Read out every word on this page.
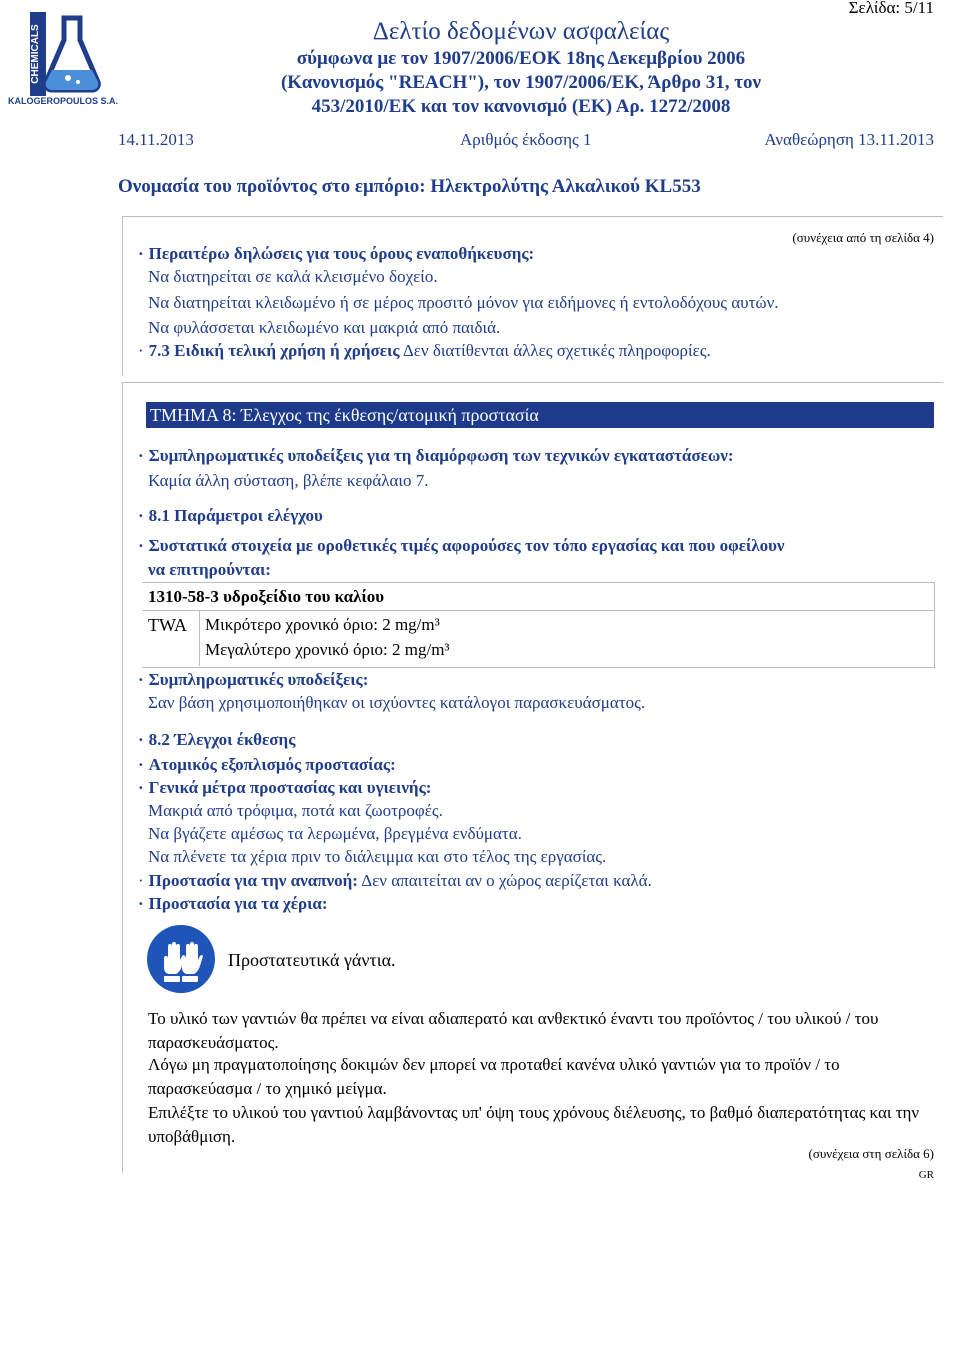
CHEMICALS
KALOGEROPOULOS S.A.
Δελτίο δεδομένων ασφαλείας
σύμφωνα με τον 1907/2006/ΕΟΚ 18ης Δεκεμβρίου 2006
(Κανονισμός "REACH"), τον 1907/2006/ΕΚ, Άρθρο 31, τον
453/2010/ΕΚ και τον κανονισμό (ΕΚ) Αρ. 1272/2008
Σελίδα: 5/11
14.11.2013	Αριθμός έκδοσης 1	Αναθεώρηση 13.11.2013
Ονομασία του προϊόντος στο εμπόριο: Ηλεκτρολύτης Αλκαλικού KL553
(συνέχεια από τη σελίδα 4)
· Περαιτέρω δηλώσεις για τους όρους εναποθήκευσης:
Να διατηρείται σε καλά κλεισμένο δοχείο.
Να διατηρείται κλειδωμένο ή σε μέρος προσιτό μόνον για ειδήμονες ή εντολοδόχους αυτών.
Να φυλάσσεται κλειδωμένο και μακριά από παιδιά.
· 7.3 Ειδική τελική χρήση ή χρήσεις Δεν διατίθενται άλλες σχετικές πληροφορίες.
ΤΜΗΜΑ 8: Έλεγχος της έκθεσης/ατομική προστασία
· Συμπληρωματικές υποδείξεις για τη διαμόρφωση των τεχνικών εγκαταστάσεων:
Καμία άλλη σύσταση, βλέπε κεφάλαιο 7.
· 8.1 Παράμετροι ελέγχου
· Συστατικά στοιχεία με οροθετικές τιμές αφορούσες τον τόπο εργασίας και που οφείλουν
να επιτηρούνται:
1310-58-3 υδροξείδιο του καλίου
TWA Μικρότερο χρονικό όριο: 2 mg/m³
Μεγαλύτερο χρονικό όριο: 2 mg/m³
· Συμπληρωματικές υποδείξεις:
Σαν βάση χρησιμοποιήθηκαν οι ισχύοντες κατάλογοι παρασκευάσματος.
· 8.2 Έλεγχοι έκθεσης
· Ατομικός εξοπλισμός προστασίας:
· Γενικά μέτρα προστασίας και υγιεινής:
Μακριά από τρόφιμα, ποτά και ζωοτροφές.
Να βγάζετε αμέσως τα λερωμένα, βρεγμένα ενδύματα.
Να πλένετε τα χέρια πριν το διάλειμμα και στο τέλος της εργασίας.
· Προστασία για την αναπνοή: Δεν απαιτείται αν ο χώρος αερίζεται καλά.
· Προστασία για τα χέρια:
Προστατευτικά γάντια.
Το υλικό των γαντιών θα πρέπει να είναι αδιαπερατό και ανθεκτικό έναντι του προϊόντος / του υλικού / του παρασκευάσματος.
Λόγω μη πραγματοποίησης δοκιμών δεν μπορεί να προταθεί κανένα υλικό γαντιών για το προϊόν / το παρασκεύασμα / το χημικό μείγμα.
Επιλέξτε το υλικού του γαντιού λαμβάνοντας υπ' όψη τους χρόνους διέλευσης, το βαθμό διαπερατότητας και την υποβάθμιση.
(συνέχεια στη σελίδα 6)
GR
